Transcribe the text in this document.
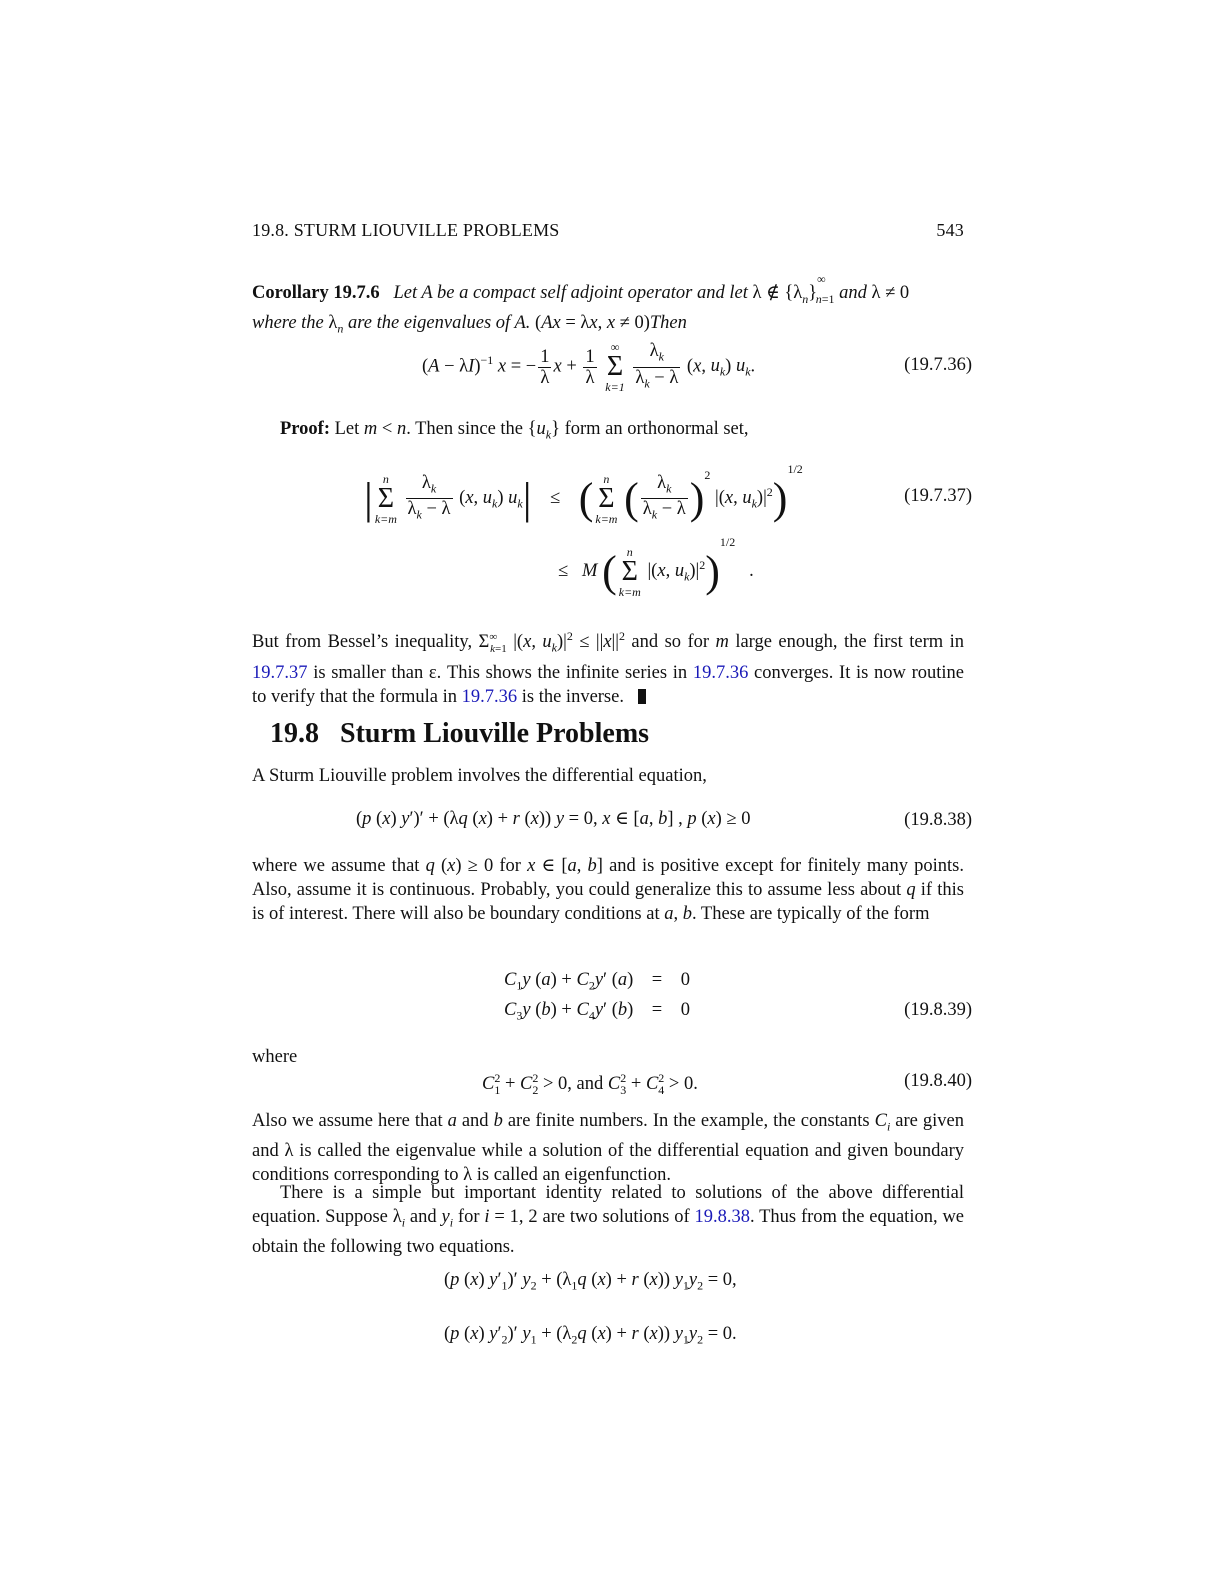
19.8. STURM LIOUVILLE PROBLEMS	543
Corollary 19.7.6   Let A be a compact self adjoint operator and let λ ∉ $\{\lambda_n\}^\infty_{n=1}$ and λ ≠ 0
where the $\lambda_n$ are the eigenvalues of A. (Ax = λx, x ≠ 0)Then
$(A - \lambda I)^{-1}$ x = − $\frac{1}{\lambda}$ $x + \frac{1}{\lambda}$
	∞
Σ
k=1
$\frac{\lambda_k}{\lambda_k - \lambda} (x$, $u_k$) $u_k$.	(19.7.36)
Proof: Let m < n. Then since the $\{u_k\}$ form an orthonormal set,
| n
Σ
k=m
$\frac{\lambda_k}{\lambda_k - \lambda} (x$, $u_k$) $u_k|$    ≤    ( n
Σ
k=m ( $\frac{\lambda_k}{\lambda_k - \lambda} )^2$ |(x, $u_k)|^2)^{1/2}$
(19.7.37)
≤   M ( n
Σ
k=m
|(x, $u_k)|^2)^{1/2}$   .
But from Bessel’s inequality, $\Sigma^\infty_{k=1}$ |(x, $u_k)|^2 \le ||x||^2$ and so for m large enough, the first term in 19.7.37 is smaller than ε. This shows the infinite series in 19.7.36 converges. It is now routine to verify that the formula in 19.7.36 is the inverse.
19.8 Sturm Liouville Problems
A Sturm Liouville problem involves the differential equation,
(p (x) y′)′ + (λq (x) + r (x)) y = 0, x ∈ [a, b] , p (x) ≥ 0	(19.8.38)
where we assume that q (x) ≥ 0 for x ∈ [a, b] and is positive except for finitely many points. Also, assume it is continuous. Probably, you could generalize this to assume less about q if this is of interest. There will also be boundary conditions at a, b. These are typically of the form
$C_1y$ $(a) + C_2y'$ (a)    =    0
$C_3y$ $(b) + C_4y'$ (b)    =    0	(19.8.39)
where
$C^2_1 + C^2_2 > 0$, and $C^2_3 + C^2_4 > 0$.	(19.8.40)
Also we assume here that a and b are finite numbers. In the example, the constants $C_i$ are given and λ is called the eigenvalue while a solution of the differential equation and given boundary conditions corresponding to λ is called an eigenfunction.
There is a simple but important identity related to solutions of the above differential equation. Suppose $\lambda_i$ and $y_i$ for i = 1, 2 are two solutions of 19.8.38. Thus from the equation, we obtain the following two equations.
(p (x) $y'_1)'$ $y_2 + (\lambda_1q$ (x) + r (x)) $y_1y_2 = 0$,
(p (x) $y'_2)'$ $y_1 + (\lambda_2q$ (x) + r (x)) $y_1y_2 = 0$.
